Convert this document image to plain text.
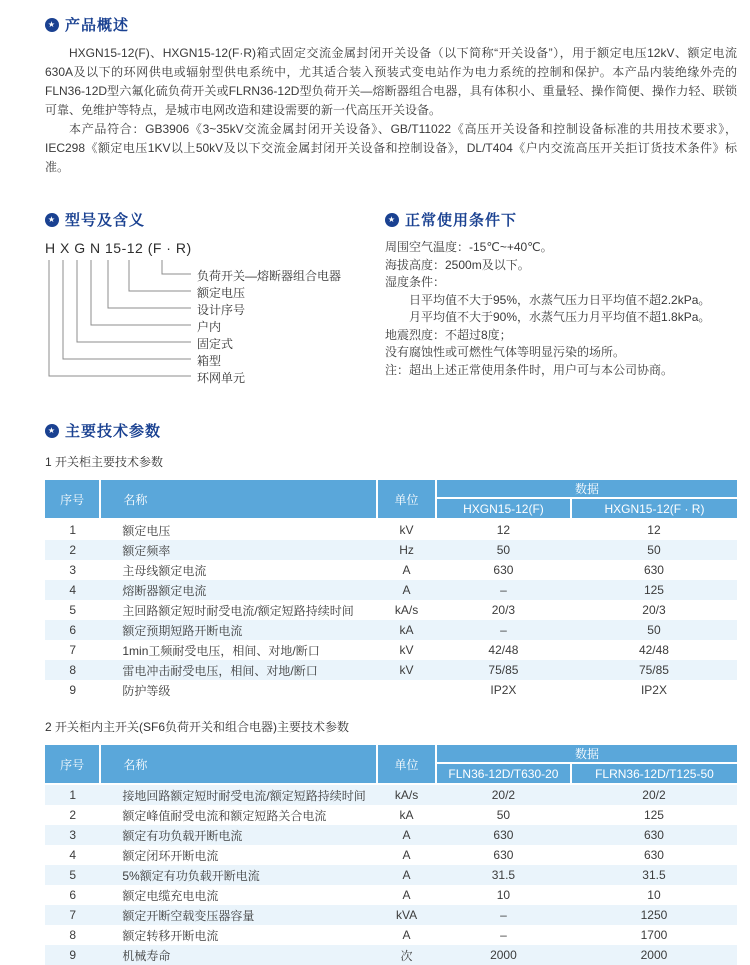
★ 产品概述

HXGN15-12(F)、HXGN15-12(F·R)箱式固定交流金属封闭开关设备（以下简称“开关设备”），用于额定电压12kV、额定电流630A及以下的环网供电或辐射型供电系统中，尤其适合装入预装式变电站作为电力系统的控制和保护。本产品内装绝缘外壳的FLN36-12D型六氟化硫负荷开关或FLRN36-12D型负荷开关—熔断器组合电器，具有体积小、重量轻、操作简便、操作力轻、联锁可靠、免维护等特点，是城市电网改造和建设需要的新一代高压开关设备。

本产品符合：GB3906《3~35kV交流金属封闭开关设备》、GB/T11022《高压开关设备和控制设备标准的共用技术要求》，IEC298《额定电压1KV以上50kV及以下交流金属封闭开关设备和控制设备》，DL/T404《户内交流高压开关拒订货技术条件》标准。

★ 型号及含义
H X G N 15-12 (F · R)
负荷开关—熔断器组合电器
额定电压
设计序号
户内
固定式
箱型
环网单元
★ 正常使用条件下
周围空气温度：-15℃~+40℃。
海拔高度：2500m及以下。
湿度条件：
　　日平均值不大于95%，水蒸气压力日平均值不超2.2kPa。
　　月平均值不大于90%，水蒸气压力月平均值不超1.8kPa。
地震烈度：不超过8度；
没有腐蚀性或可燃性气体等明显污染的场所。
注：超出上述正常使用条件时，用户可与本公司协商。
★ 主要技术参数
1 开关柜主要技术参数
序号	名称	单位	数据	
			HXGN15-12(F)	HXGN15-12(F · R)
1	额定电压	kV	12	12
2	额定频率	Hz	50	50
3	主母线额定电流	A	630	630
4	熔断器额定电流	A	–	125
5	主回路额定短时耐受电流/额定短路持续时间	kA/s	20/3	20/3
6	额定预期短路开断电流	kA	–	50
7	1min工频耐受电压，相间、对地/断口	kV	42/48	42/48
8	雷电冲击耐受电压，相间、对地/断口	kV	75/85	75/85
9	防护等级		IP2X	IP2X
2 开关柜内主开关(SF6负荷开关和组合电器)主要技术参数
序号	名称	单位	数据	
			FLN36-12D/T630-20	FLRN36-12D/T125-50
1	接地回路额定短时耐受电流/额定短路持续时间	kA/s	20/2	20/2
2	额定峰值耐受电流和额定短路关合电流	kA	50	125
3	额定有功负载开断电流	A	630	630
4	额定闭环开断电流	A	630	630
5	5%额定有功负载开断电流	A	31.5	31.5
6	额定电缆充电电流	A	10	10
7	额定开断空载变压器容量	kVA	–	1250
8	额定转移开断电流	A	–	1700
9	机械寿命	次	2000	2000
